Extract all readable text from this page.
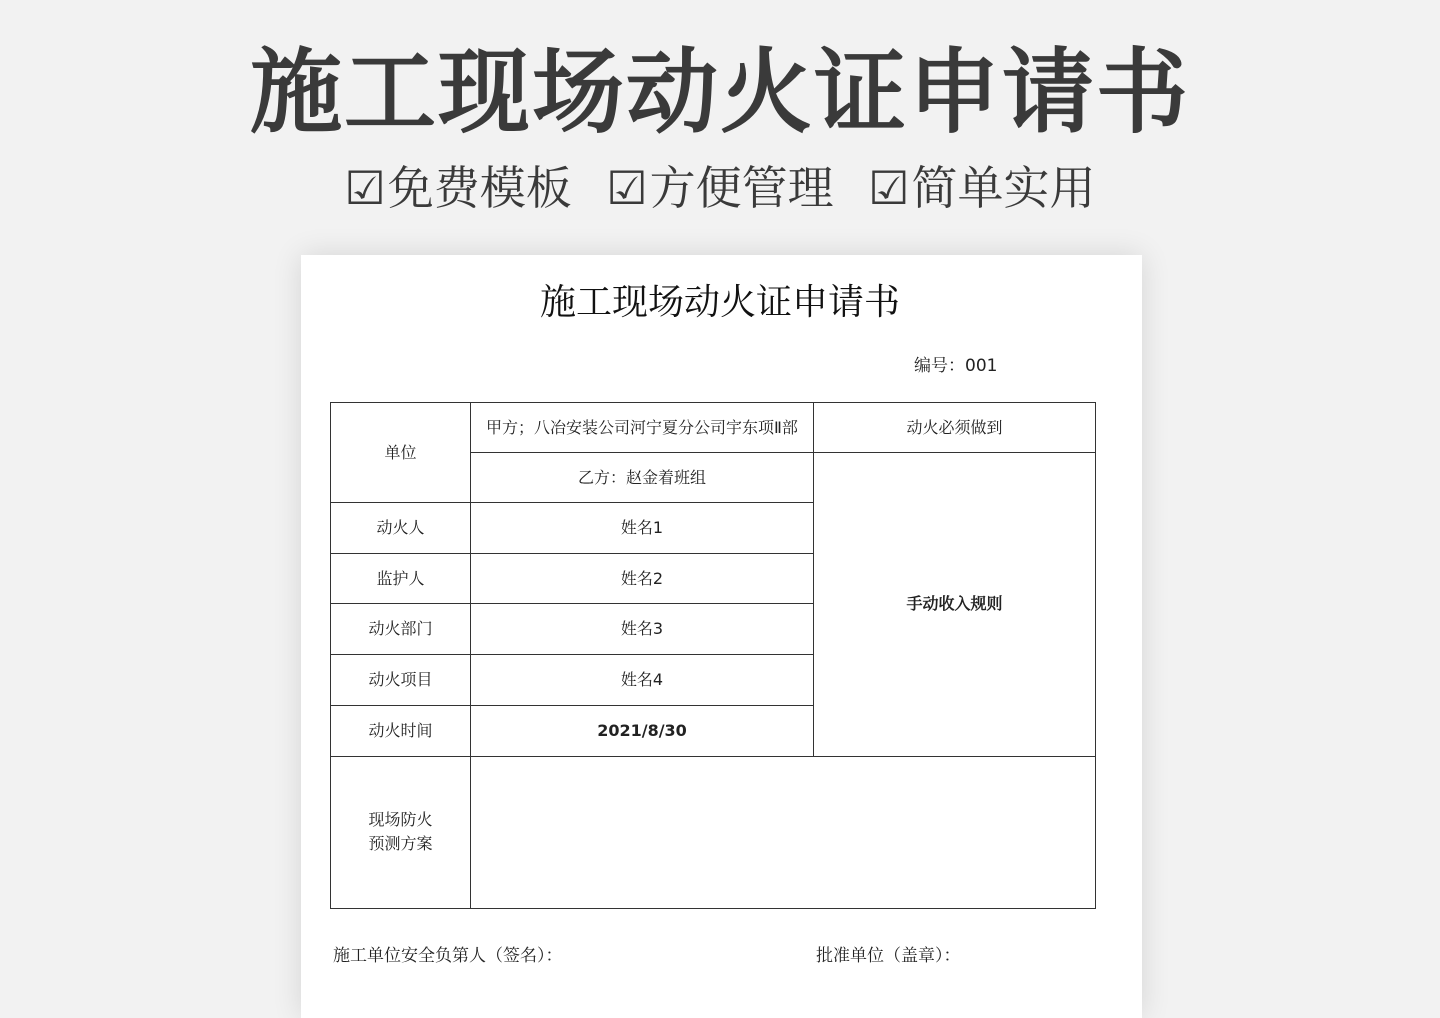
施工现场动火证申请书
☑免费模板 ☑方便管理 ☑简单实用
施工现场动火证申请书
编号：001
单位	甲方；八冶安装公司河宁夏分公司宇东项Ⅱ部	动火必须做到
	乙方：赵金着班组	手动收入规则
动火人	姓名1	
监护人	姓名2	
动火部门	姓名3	
动火项目	姓名4	
动火时间	2021/8/30	

现场防火
预测方案		

施工单位安全负第人（签名）：	批准单位（盖章）：
